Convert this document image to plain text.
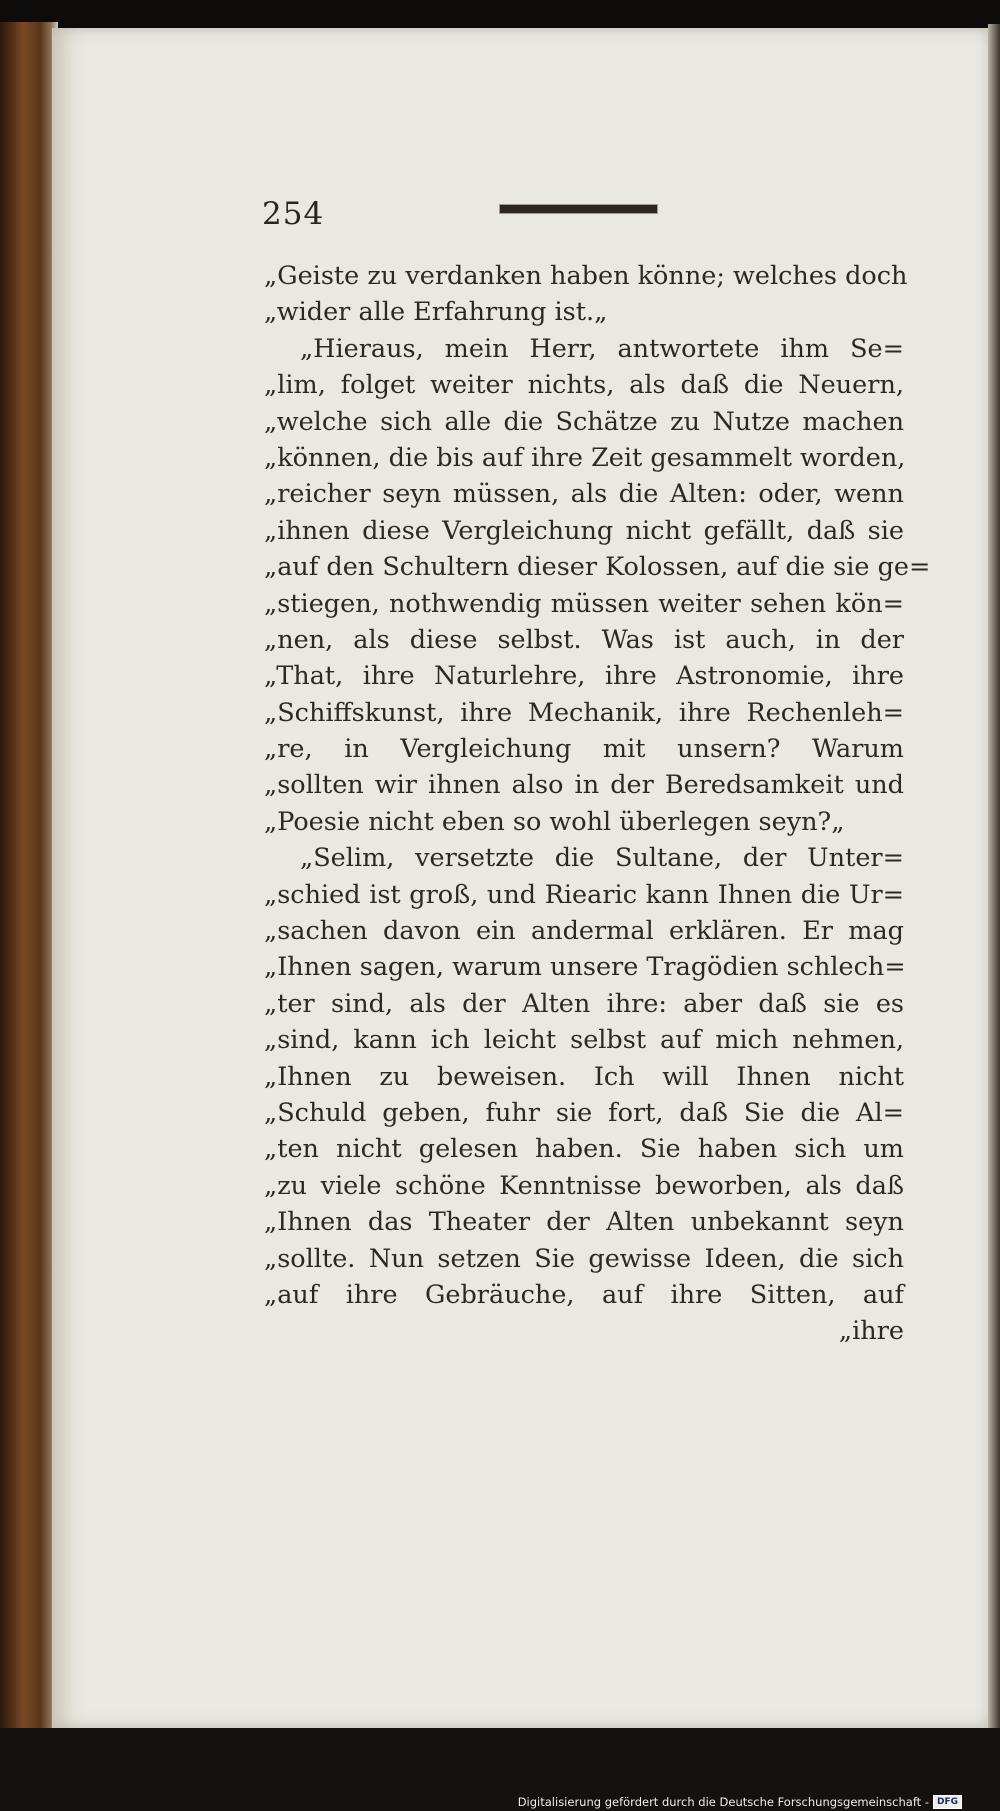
254
„Geiste zu verdanken haben könne; welches doch
„wider alle Erfahrung ist.„
„Hieraus, mein Herr, antwortete ihm Se=
„lim, folget weiter nichts, als daß die Neuern,
„welche sich alle die Schätze zu Nutze machen
„können, die bis auf ihre Zeit gesammelt worden,
„reicher seyn müssen, als die Alten: oder, wenn
„ihnen diese Vergleichung nicht gefällt, daß sie
„auf den Schultern dieser Kolossen, auf die sie ge=
„stiegen, nothwendig müssen weiter sehen kön=
„nen, als diese selbst. Was ist auch, in der
„That, ihre Naturlehre, ihre Astronomie, ihre
„Schiffskunst, ihre Mechanik, ihre Rechenleh=
„re, in Vergleichung mit unsern? Warum
„sollten wir ihnen also in der Beredsamkeit und
„Poesie nicht eben so wohl überlegen seyn?„
„Selim, versetzte die Sultane, der Unter=
„schied ist groß, und Riearic kann Ihnen die Ur=
„sachen davon ein andermal erklären. Er mag
„Ihnen sagen, warum unsere Tragödien schlech=
„ter sind, als der Alten ihre: aber daß sie es
„sind, kann ich leicht selbst auf mich nehmen,
„Ihnen zu beweisen. Ich will Ihnen nicht
„Schuld geben, fuhr sie fort, daß Sie die Al=
„ten nicht gelesen haben. Sie haben sich um
„zu viele schöne Kenntnisse beworben, als daß
„Ihnen das Theater der Alten unbekannt seyn
„sollte. Nun setzen Sie gewisse Ideen, die sich
„auf ihre Gebräuche, auf ihre Sitten, auf
„ihre
Digitalisierung gefördert durch die Deutsche Forschungsgemeinschaft - DFG
